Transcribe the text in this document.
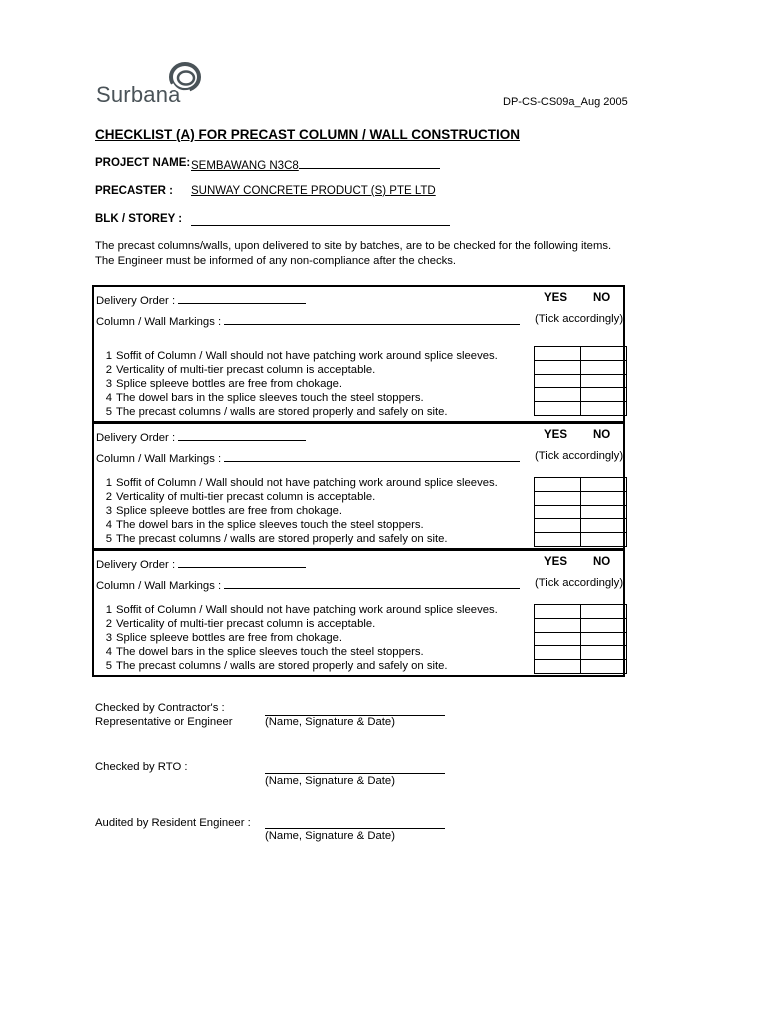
Surbana	DP-CS-CS09a_Aug 2005
CHECKLIST (A) FOR PRECAST COLUMN / WALL CONSTRUCTION
PROJECT NAME: SEMBAWANG N3C8
PRECASTER : SUNWAY CONCRETE PRODUCT (S) PTE LTD
BLK / STOREY :
The precast columns/walls, upon delivered to site by batches, are to be checked for the following items.
The Engineer must be informed of any non-compliance after the checks.
Delivery Order :	YES NO
Column / Wall Markings :	(Tick accordingly)
1 Soffit of Column / Wall should not have patching work around splice sleeves.
2 Verticality of multi-tier precast column is acceptable.
3 Splice spleeve bottles are free from chokage.
4 The dowel bars in the splice sleeves touch the steel stoppers.
5 The precast columns / walls are stored properly and safely on site.

Delivery Order :	YES NO
Column / Wall Markings :	(Tick accordingly)
1 Soffit of Column / Wall should not have patching work around splice sleeves.
2 Verticality of multi-tier precast column is acceptable.
3 Splice spleeve bottles are free from chokage.
4 The dowel bars in the splice sleeves touch the steel stoppers.
5 The precast columns / walls are stored properly and safely on site.

Delivery Order :	YES NO
Column / Wall Markings :	(Tick accordingly)
1 Soffit of Column / Wall should not have patching work around splice sleeves.
2 Verticality of multi-tier precast column is acceptable.
3 Splice spleeve bottles are free from chokage.
4 The dowel bars in the splice sleeves touch the steel stoppers.
5 The precast columns / walls are stored properly and safely on site.

Checked by Contractor's :
Representative or Engineer	(Name, Signature & Date)
Checked by RTO :
(Name, Signature & Date)
Audited by Resident Engineer :
(Name, Signature & Date)
